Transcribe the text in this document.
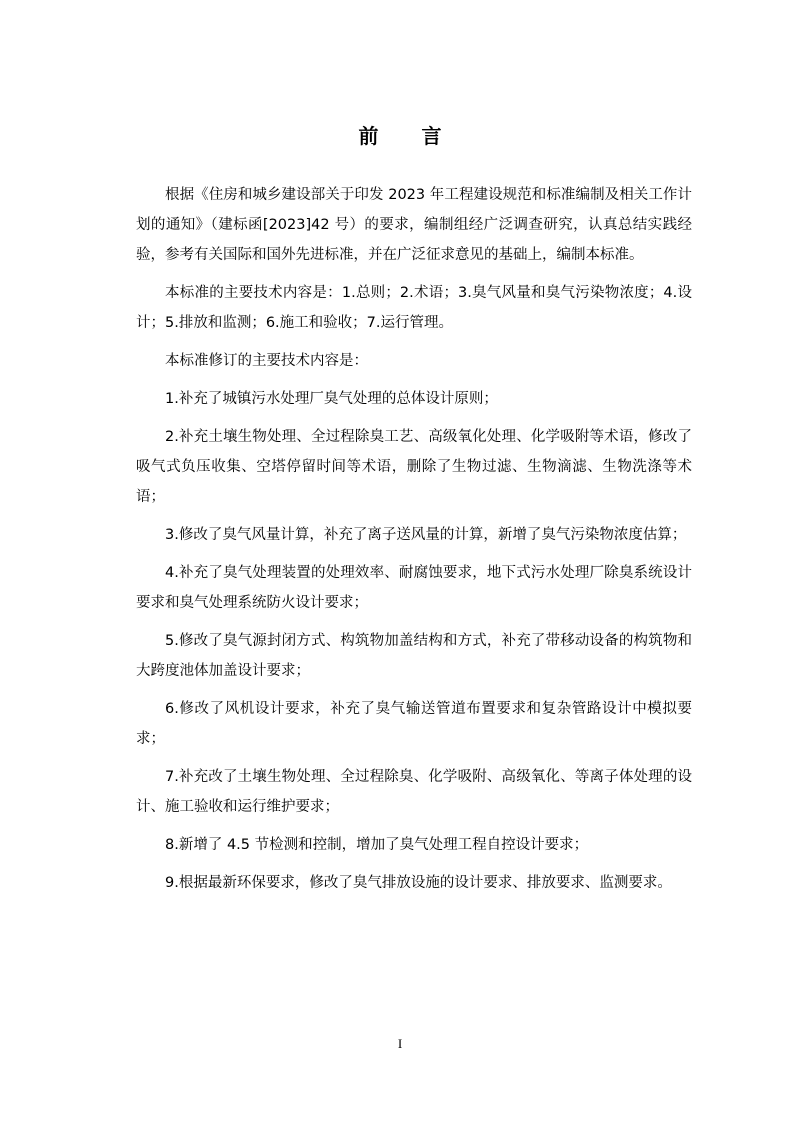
前 言

根据《住房和城乡建设部关于印发 2023 年工程建设规范和标准编制及相关工作计划的通知》（建标函[2023]42 号）的要求，编制组经广泛调查研究，认真总结实践经验，参考有关国际和国外先进标准，并在广泛征求意见的基础上，编制本标准。

本标准的主要技术内容是：1.总则；2.术语；3.臭气风量和臭气污染物浓度；4.设计；5.排放和监测；6.施工和验收；7.运行管理。

本标准修订的主要技术内容是：

1.补充了城镇污水处理厂臭气处理的总体设计原则；

2.补充土壤生物处理、全过程除臭工艺、高级氧化处理、化学吸附等术语，修改了吸气式负压收集、空塔停留时间等术语，删除了生物过滤、生物滴滤、生物洗涤等术语；

3.修改了臭气风量计算，补充了离子送风量的计算，新增了臭气污染物浓度估算；

4.补充了臭气处理装置的处理效率、耐腐蚀要求，地下式污水处理厂除臭系统设计要求和臭气处理系统防火设计要求；

5.修改了臭气源封闭方式、构筑物加盖结构和方式，补充了带移动设备的构筑物和大跨度池体加盖设计要求；

6.修改了风机设计要求，补充了臭气输送管道布置要求和复杂管路设计中模拟要求；

7.补充改了土壤生物处理、全过程除臭、化学吸附、高级氧化、等离子体处理的设计、施工验收和运行维护要求；

8.新增了 4.5 节检测和控制，增加了臭气处理工程自控设计要求；

9.根据最新环保要求，修改了臭气排放设施的设计要求、排放要求、监测要求。

I
